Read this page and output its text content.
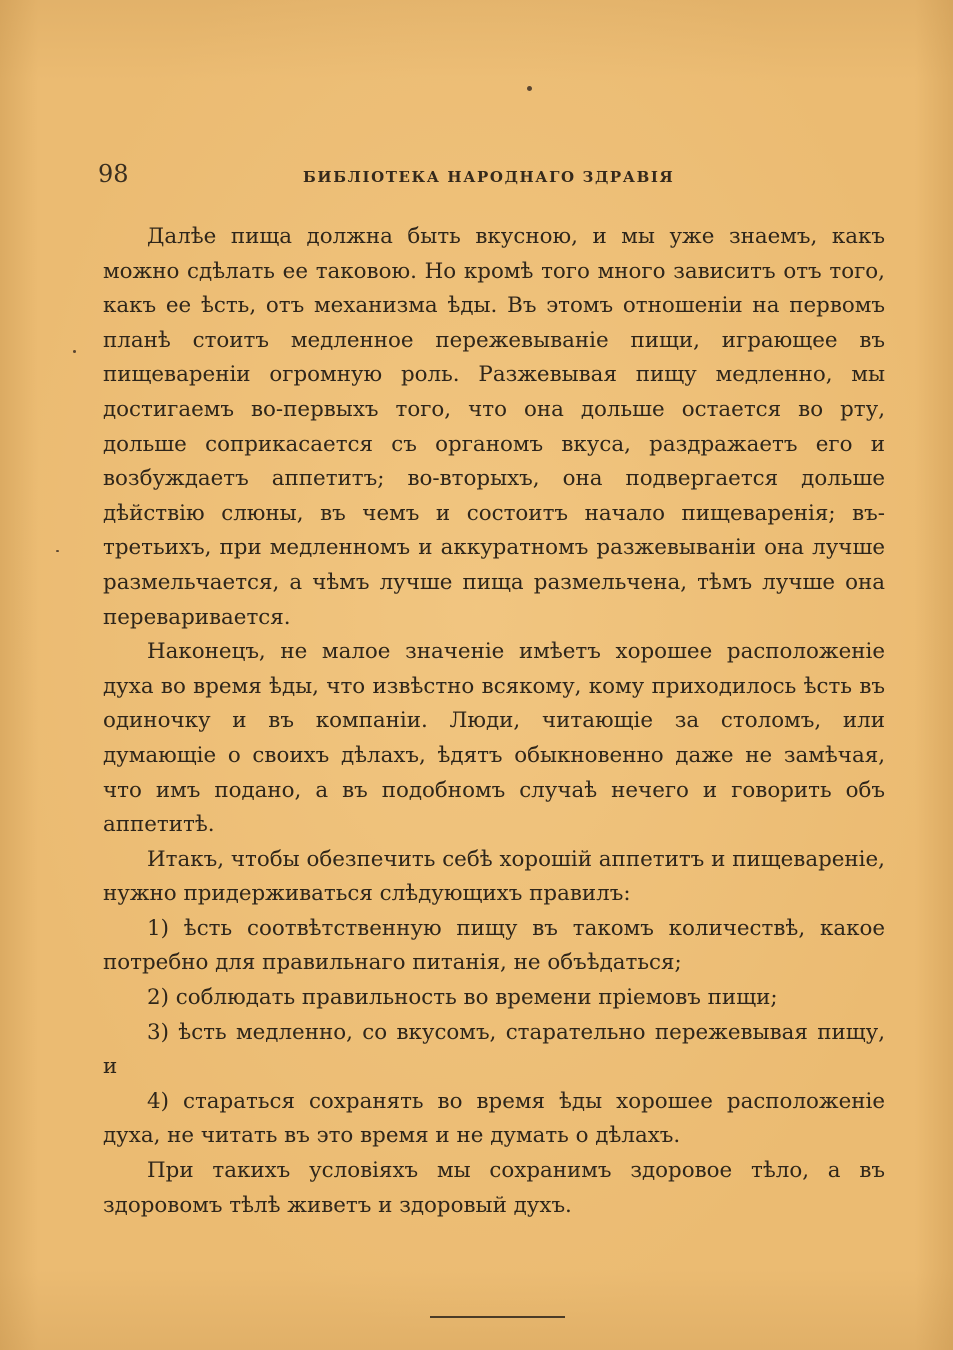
98	БИБЛІОТЕКА НАРОДНАГО ЗДРАВІЯ

Далѣе пища должна быть вкусною, и мы уже знаемъ, какъ можно сдѣлать ее таковою. Но кромѣ того много зависитъ отъ того, какъ ее ѣсть, отъ механизма ѣды. Въ этомъ отношеніи на первомъ планѣ стоитъ медленное пережевываніе пищи, играющее въ пищевареніи огромную роль. Разжевывая пищу медленно, мы достигаемъ во-первыхъ того, что она дольше остается во рту, дольше соприкасается съ органомъ вкуса, раздражаетъ его и возбуждаетъ аппетитъ; во-вторыхъ, она подвергается дольше дѣйствію слюны, въ чемъ и состоитъ начало пищеваренія; въ-третьихъ, при медленномъ и аккуратномъ разжевываніи она лучше размельчается, а чѣмъ лучше пища размельчена, тѣмъ лучше она переваривается.

Наконецъ, не малое значеніе имѣетъ хорошее расположеніе духа во время ѣды, что извѣстно всякому, кому приходилось ѣсть въ одиночку и въ компаніи. Люди, читающіе за столомъ, или думающіе о своихъ дѣлахъ, ѣдятъ обыкновенно даже не замѣчая, что имъ подано, а въ подобномъ случаѣ нечего и говорить объ аппетитѣ.

Итакъ, чтобы обезпечить себѣ хорошій аппетитъ и пищевареніе, нужно придерживаться слѣдующихъ правилъ:

1) ѣсть соотвѣтственную пищу въ такомъ количествѣ, какое потребно для правильнаго питанія, не объѣдаться;

2) соблюдать правильность во времени пріемовъ пищи;

3) ѣсть медленно, со вкусомъ, старательно пережевывая пищу, и

4) стараться сохранять во время ѣды хорошее расположеніе духа, не читать въ это время и не думать о дѣлахъ.

При такихъ условіяхъ мы сохранимъ здоровое тѣло, а въ здоровомъ тѣлѣ живетъ и здоровый духъ.
